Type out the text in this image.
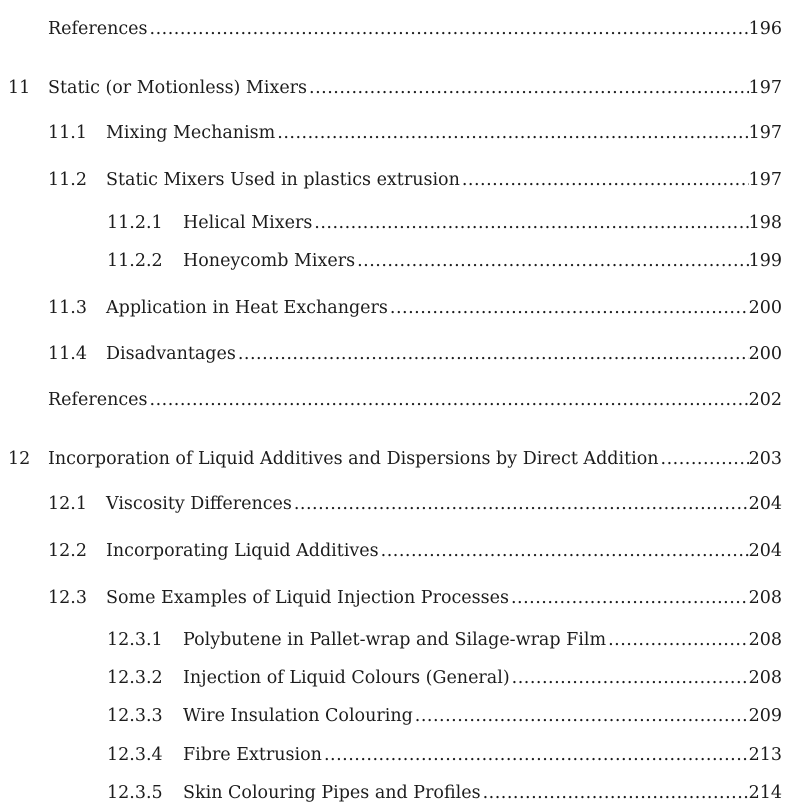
References .....	196
11	Static (or Motionless) Mixers .....	197
11.1	Mixing Mechanism .....	197
11.2	Static Mixers Used in plastics extrusion .....	197
11.2.1	Helical Mixers .....	198
11.2.2	Honeycomb Mixers .....	199
11.3	Application in Heat Exchangers .....	200
11.4	Disadvantages .....	200
References .....	202
12	Incorporation of Liquid Additives and Dispersions by Direct Addition .....	203
12.1	Viscosity Differences .....	204
12.2	Incorporating Liquid Additives .....	204
12.3	Some Examples of Liquid Injection Processes .....	208
12.3.1	Polybutene in Pallet-wrap and Silage-wrap Film .....	208
12.3.2	Injection of Liquid Colours (General) .....	208
12.3.3	Wire Insulation Colouring .....	209
12.3.4	Fibre Extrusion .....	213
12.3.5	Skin Colouring Pipes and Profiles .....	214
